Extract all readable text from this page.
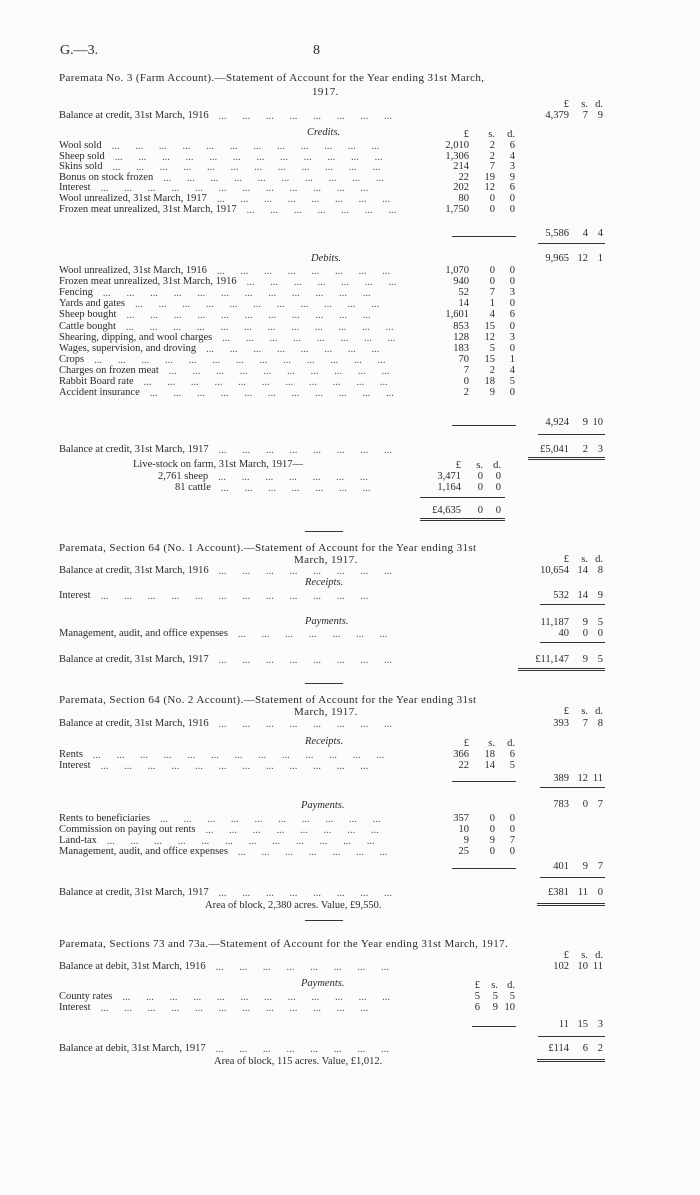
G.—3.	8
Paremata No. 3 (Farm Account).—Statement of Account for the Year ending 31st March,
1917.
£ s. d.
Balance at credit, 31st March, 1916 ...      ...      ...      ...      ...      ...      ...      ...	4,379 7 9
Credits.	£ s. d.
Wool sold ...      ...      ...      ...      ...      ...      ...      ...      ...      ...      ...      ...	2,010 2 6
Sheep sold ...      ...      ...      ...      ...      ...      ...      ...      ...      ...      ...      ...	1,306 2 4
Skins sold ...      ...      ...      ...      ...      ...      ...      ...      ...      ...      ...      ...	214 7 3
Bonus on stock frozen ...      ...      ...      ...      ...      ...      ...      ...      ...      ...	22 19 9
Interest ...      ...      ...      ...      ...      ...      ...      ...      ...      ...      ...      ...	202 12 6
Wool unrealized, 31st March, 1917 ...      ...      ...      ...      ...      ...      ...      ...	80 0 0
Frozen meat unrealized, 31st March, 1917 ...      ...      ...      ...      ...      ...      ...	1,750 0 0
5,586 4 4
9,965 12 1
Debits.
Wool unrealized, 31st March, 1916 ...      ...      ...      ...      ...      ...      ...      ...	1,070 0 0
Frozen meat unrealized, 31st March, 1916 ...      ...      ...      ...      ...      ...      ...	940 0 0
Fencing ...      ...      ...      ...      ...      ...      ...      ...      ...      ...      ...      ...	52 7 3
Yards and gates ...      ...      ...      ...      ...      ...      ...      ...      ...      ...      ...	14 1 0
Sheep bought ...      ...      ...      ...      ...      ...      ...      ...      ...      ...      ...	1,601 4 6
Cattle bought ...      ...      ...      ...      ...      ...      ...      ...      ...      ...      ...      ...	853 15 0
Shearing, dipping, and wool charges ...      ...      ...      ...      ...      ...      ...      ...	128 12 3
Wages, supervision, and droving ...      ...      ...      ...      ...      ...      ...      ...	183 5 0
Crops ...      ...      ...      ...      ...      ...      ...      ...      ...      ...      ...      ...      ...	70 15 1
Charges on frozen meat ...      ...      ...      ...      ...      ...      ...      ...      ...      ...	7 2 4
Rabbit Board rate ...      ...      ...      ...      ...      ...      ...      ...      ...      ...      ...	0 18 5
Accident insurance ...      ...      ...      ...      ...      ...      ...      ...      ...      ...      ...	2 9 0
4,924 9 10
Balance at credit, 31st March, 1917 ...      ...      ...      ...      ...      ...      ...      ...	£5,041 2 3
Live-stock on farm, 31st March, 1917—	£ s. d.
2,761 sheep ...      ...      ...      ...      ...      ...      ...	3,471 0 0
81 cattle ...      ...      ...      ...      ...      ...      ...	1,164 0 0
£4,635 0 0
Paremata, Section 64 (No. 1 Account).—Statement of Account for the Year ending 31st
March, 1917.	£ s. d.
Balance at credit, 31st March, 1916 ...      ...      ...      ...      ...      ...      ...      ...	10,654 14 8
Receipts.
Interest ...      ...      ...      ...      ...      ...      ...      ...      ...      ...      ...      ...	532 14 9
Payments.	11,187 9 5
Management, audit, and office expenses ...      ...      ...      ...      ...      ...      ...	40 0 0
Balance at credit, 31st March, 1917 ...      ...      ...      ...      ...      ...      ...      ...	£11,147 9 5
Paremata, Section 64 (No. 2 Account).—Statement of Account for the Year ending 31st
March, 1917.	£ s. d.
Balance at credit, 31st March, 1916 ...      ...      ...      ...      ...      ...      ...      ...	393 7 8
Receipts.	£ s. d.
Rents ...      ...      ...      ...      ...      ...      ...      ...      ...      ...      ...      ...      ...	366 18 6
Interest ...      ...      ...      ...      ...      ...      ...      ...      ...      ...      ...      ...	22 14 5
389 12 11
783 0 7
Payments.
Rents to beneficiaries ...      ...      ...      ...      ...      ...      ...      ...      ...      ...	357 0 0
Commission on paying out rents ...      ...      ...      ...      ...      ...      ...      ...	10 0 0
Land-tax ...      ...      ...      ...      ...      ...      ...      ...      ...      ...      ...      ...	9 9 7
Management, audit, and office expenses ...      ...      ...      ...      ...      ...      ...	25 0 0
401 9 7
Balance at credit, 31st March, 1917 ...      ...      ...      ...      ...      ...      ...      ...	£381 11 0
Area of block, 2,380 acres. Value, £9,550.
Paremata, Sections 73 and 73a.—Statement of Account for the Year ending 31st March, 1917.
£ s. d.
Balance at debit, 31st March, 1916 ...      ...      ...      ...      ...      ...      ...      ...	102 10 11
Payments.	£ s. d.
County rates ...      ...      ...      ...      ...      ...      ...      ...      ...      ...      ...      ...	5 5 5
Interest ...      ...      ...      ...      ...      ...      ...      ...      ...      ...      ...      ...	6 9 10
11 15 3
Balance at debit, 31st March, 1917 ...      ...      ...      ...      ...      ...      ...      ...	£114 6 2
Area of block, 115 acres. Value, £1,012.
